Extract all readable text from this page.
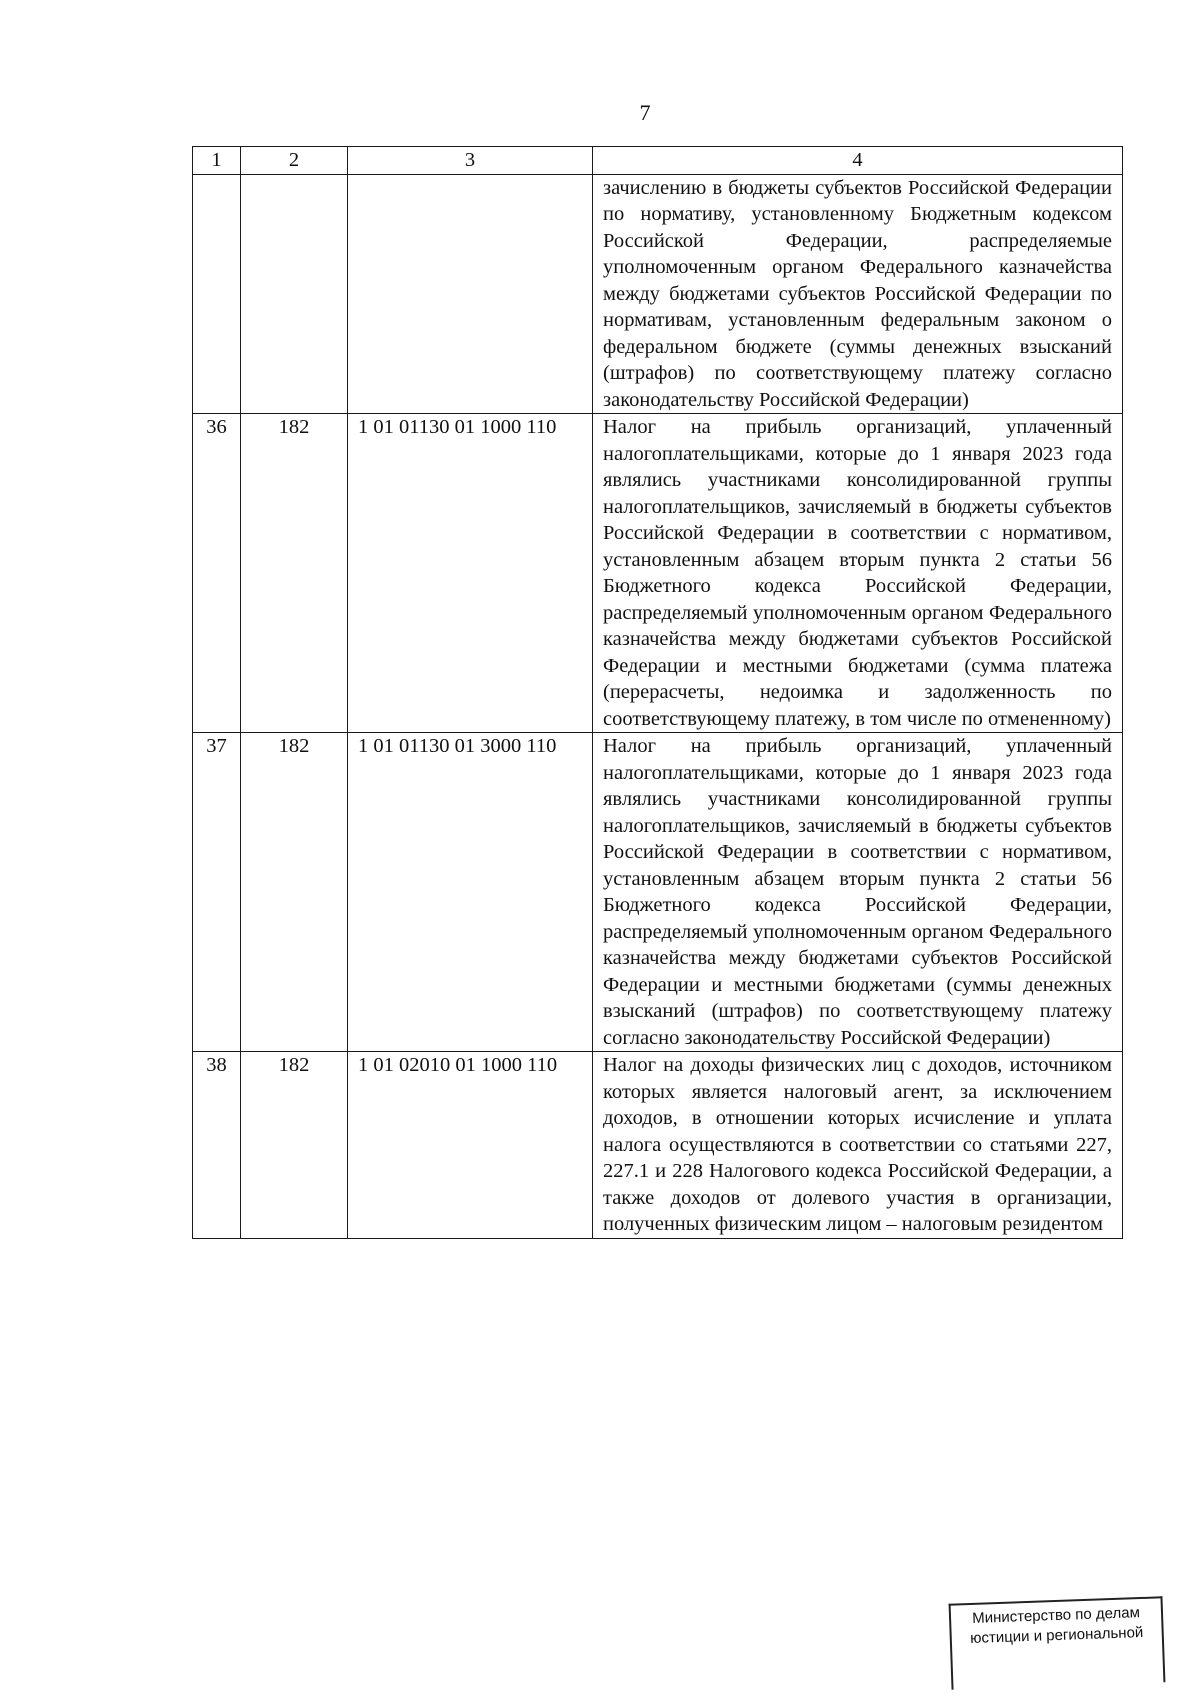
7
1	2	3	4

			зачислению в бюджеты субъектов Российской Федерации по нормативу, установленному Бюджетным кодексом Российской Федерации, распределяемые уполномоченным органом Федерального казначейства между бюджетами субъектов Российской Федерации по нормативам, установленным федеральным законом о федеральном бюджете (суммы денежных взысканий (штрафов) по соответствующему платежу согласно законодательству Российской Федерации)

36	182	1 01 01130 01 1000 110	Налог на прибыль организаций, уплаченный налогоплательщиками, которые до 1 января 2023 года являлись участниками консолидированной группы налогоплательщиков, зачисляемый в бюджеты субъектов Российской Федерации в соответствии с нормативом, установленным абзацем вторым пункта 2 статьи 56 Бюджетного кодекса Российской Федерации, распределяемый уполномоченным органом Федерального казначейства между бюджетами субъектов Российской Федерации и местными бюджетами (сумма платежа (перерасчеты, недоимка и задолженность по соответствующему платежу, в том числе по отмененному)

37	182	1 01 01130 01 3000 110	Налог на прибыль организаций, уплаченный налогоплательщиками, которые до 1 января 2023 года являлись участниками консолидированной группы налогоплательщиков, зачисляемый в бюджеты субъектов Российской Федерации в соответствии с нормативом, установленным абзацем вторым пункта 2 статьи 56 Бюджетного кодекса Российской Федерации, распределяемый уполномоченным органом Федерального казначейства между бюджетами субъектов Российской Федерации и местными бюджетами (суммы денежных взысканий (штрафов) по соответствующему платежу согласно законодательству Российской Федерации)

38	182	1 01 02010 01 1000 110	Налог на доходы физических лиц с доходов, источником которых является налоговый агент, за исключением доходов, в отношении которых исчисление и уплата налога осуществляются в соответствии со статьями 227, 227.1 и 228 Налогового кодекса Российской Федерации, а также доходов от долевого участия в организации, полученных физическим лицом – налоговым резидентом
Министерство по делам
юстиции и региональной
